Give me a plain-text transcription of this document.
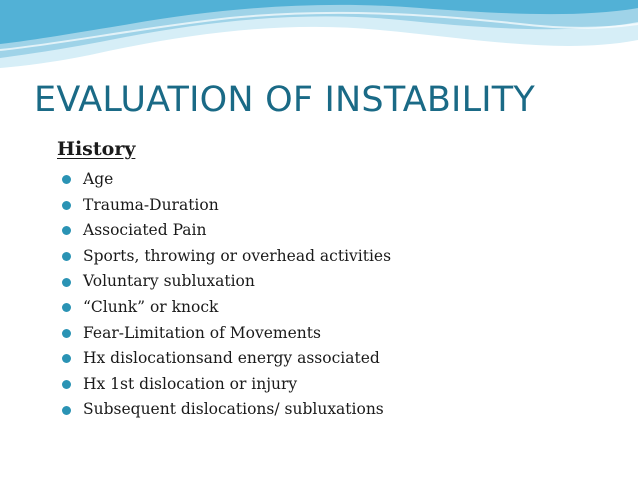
EVALUATION OF INSTABILITY
History
Age
Trauma-Duration
Associated Pain
Sports, throwing or overhead activities
Voluntary subluxation
“Clunk” or knock
Fear-Limitation of Movements
Hx dislocationsand energy associated
Hx 1st dislocation or injury
Subsequent dislocations/ subluxations
